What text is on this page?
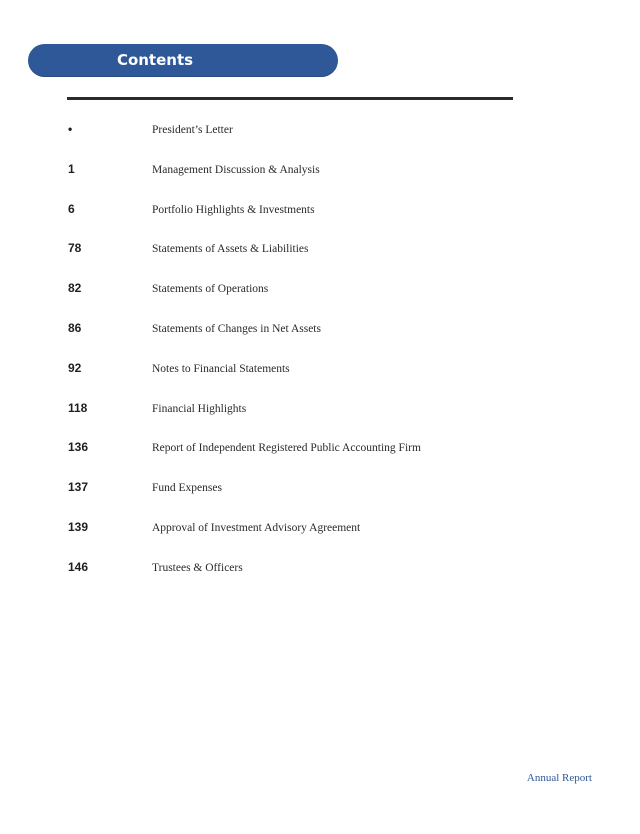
Contents
•	President’s Letter
1	Management Discussion & Analysis
6	Portfolio Highlights & Investments
78	Statements of Assets & Liabilities
82	Statements of Operations
86	Statements of Changes in Net Assets
92	Notes to Financial Statements
118	Financial Highlights
136	Report of Independent Registered Public Accounting Firm
137	Fund Expenses
139	Approval of Investment Advisory Agreement
146	Trustees & Officers
Annual Report
